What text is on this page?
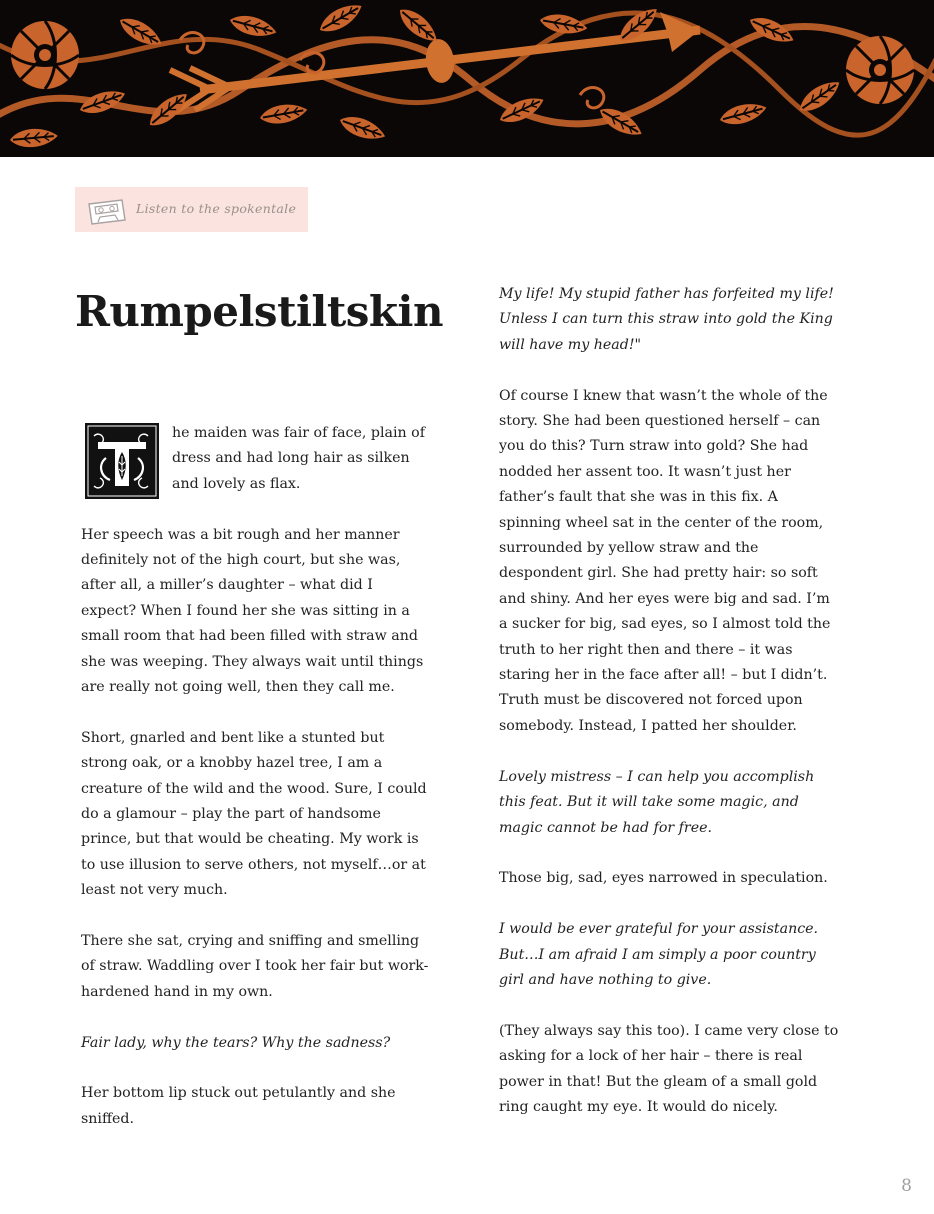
Listen to the spokentale
Rumpelstiltskin

he maiden was fair of face, plain of dress and had long hair as silken and lovely as flax.

Her speech was a bit rough and her manner definitely not of the high court, but she was, after all, a miller’s daughter – what did I expect? When I found her she was sitting in a small room that had been filled with straw and she was weeping. They always wait until things are really not going well, then they call me.

Short, gnarled and bent like a stunted but strong oak, or a knobby hazel tree, I am a creature of the wild and the wood. Sure, I could do a glamour – play the part of handsome prince, but that would be cheating. My work is to use illusion to serve others, not myself…or at least not very much.

There she sat, crying and sniffing and smelling of straw. Waddling over I took her fair but work-hardened hand in my own.

Fair lady, why the tears? Why the sadness?

Her bottom lip stuck out petulantly and she sniffed.

My life! My stupid father has forfeited my life! Unless I can turn this straw into gold the King will have my head!"

Of course I knew that wasn’t the whole of the story. She had been questioned herself – can you do this? Turn straw into gold? She had nodded her assent too. It wasn’t just her father’s fault that she was in this fix. A spinning wheel sat in the center of the room, surrounded by yellow straw and the despondent girl. She had pretty hair: so soft and shiny. And her eyes were big and sad. I’m a sucker for big, sad eyes, so I almost told the truth to her right then and there – it was staring her in the face after all! – but I didn’t. Truth must be discovered not forced upon somebody. Instead, I patted her shoulder.

Lovely mistress – I can help you accomplish this feat. But it will take some magic, and magic cannot be had for free.

Those big, sad, eyes narrowed in speculation.

I would be ever grateful for your assistance. But…I am afraid I am simply a poor country girl and have nothing to give.

(They always say this too). I came very close to asking for a lock of her hair – there is real power in that! But the gleam of a small gold ring caught my eye. It would do nicely.

8
